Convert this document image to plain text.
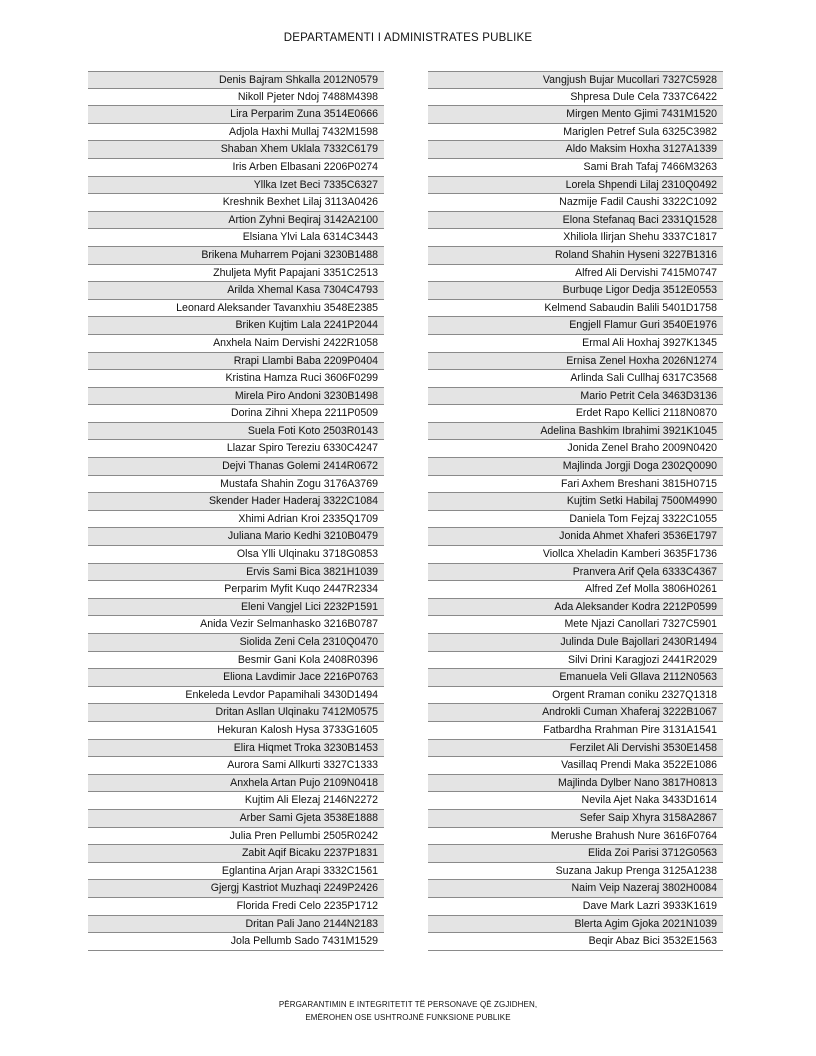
DEPARTAMENTI I ADMINISTRATES PUBLIKE
Denis Bajram Shkalla 2012N0579
Nikoll Pjeter Ndoj 7488M4398
Lira Perparim Zuna 3514E0666
Adjola Haxhi Mullaj 7432M1598
Shaban Xhem Uklala 7332C6179
Iris Arben Elbasani 2206P0274
Yllka Izet Beci 7335C6327
Kreshnik Bexhet Lilaj 3113A0426
Artion Zyhni Beqiraj 3142A2100
Elsiana Ylvi Lala 6314C3443
Brikena Muharrem Pojani 3230B1488
Zhuljeta Myfit Papajani 3351C2513
Arilda Xhemal Kasa 7304C4793
Leonard Aleksander Tavanxhiu 3548E2385
Briken Kujtim Lala 2241P2044
Anxhela Naim Dervishi 2422R1058
Rrapi Llambi Baba 2209P0404
Kristina Hamza Ruci 3606F0299
Mirela Piro Andoni 3230B1498
Dorina Zihni Xhepa 2211P0509
Suela Foti Koto 2503R0143
Llazar Spiro Tereziu 6330C4247
Dejvi Thanas Golemi 2414R0672
Mustafa Shahin Zogu 3176A3769
Skender Hader Haderaj 3322C1084
Xhimi Adrian Kroi 2335Q1709
Juliana Mario Kedhi 3210B0479
Olsa Ylli Ulqinaku 3718G0853
Ervis Sami Bica 3821H1039
Perparim Myfit Kuqo 2447R2334
Eleni Vangjel Lici 2232P1591
Anida Vezir Selmanhasko 3216B0787
Siolida Zeni Cela 2310Q0470
Besmir Gani Kola 2408R0396
Eliona Lavdimir Jace 2216P0763
Enkeleda Levdor Papamihali 3430D1494
Dritan Asllan Ulqinaku 7412M0575
Hekuran Kalosh Hysa 3733G1605
Elira Hiqmet Troka 3230B1453
Aurora Sami Allkurti 3327C1333
Anxhela Artan Pujo 2109N0418
Kujtim Ali Elezaj 2146N2272
Arber Sami Gjeta 3538E1888
Julia Pren Pellumbi 2505R0242
Zabit Aqif Bicaku 2237P1831
Eglantina Arjan Arapi 3332C1561
Gjergj Kastriot Muzhaqi 2249P2426
Florida Fredi Celo 2235P1712
Dritan Pali Jano 2144N2183
Jola Pellumb Sado 7431M1529
Vangjush Bujar Mucollari 7327C5928
Shpresa Dule Cela 7337C6422
Mirgen Mento Gjimi 7431M1520
Mariglen Petref Sula 6325C3982
Aldo Maksim Hoxha 3127A1339
Sami Brah Tafaj 7466M3263
Lorela Shpendi Lilaj 2310Q0492
Nazmije Fadil Caushi 3322C1092
Elona Stefanaq Baci 2331Q1528
Xhiliola Ilirjan Shehu 3337C1817
Roland Shahin Hyseni 3227B1316
Alfred Ali Dervishi 7415M0747
Burbuqe Ligor Dedja 3512E0553
Kelmend Sabaudin Balili 5401D1758
Engjell Flamur Guri 3540E1976
Ermal Ali Hoxhaj 3927K1345
Ernisa Zenel Hoxha 2026N1274
Arlinda Sali Cullhaj 6317C3568
Mario Petrit Cela 3463D3136
Erdet Rapo Kellici 2118N0870
Adelina Bashkim Ibrahimi 3921K1045
Jonida Zenel Braho 2009N0420
Majlinda Jorgji Doga 2302Q0090
Fari Axhem Breshani 3815H0715
Kujtim Setki Habilaj 7500M4990
Daniela Tom Fejzaj 3322C1055
Jonida Ahmet Xhaferi 3536E1797
Viollca Xheladin Kamberi 3635F1736
Pranvera Arif Qela 6333C4367
Alfred Zef Molla 3806H0261
Ada Aleksander Kodra 2212P0599
Mete Njazi Canollari 7327C5901
Julinda Dule Bajollari 2430R1494
Silvi Drini Karagjozi 2441R2029
Emanuela Veli Gllava 2112N0563
Orgent Rraman coniku 2327Q1318
Androkli Cuman Xhaferaj 3222B1067
Fatbardha Rrahman Pire 3131A1541
Ferzilet Ali Dervishi 3530E1458
Vasillaq Prendi Maka 3522E1086
Majlinda Dylber Nano 3817H0813
Nevila Ajet Naka 3433D1614
Sefer Saip Xhyra 3158A2867
Merushe Brahush Nure 3616F0764
Elida Zoi Parisi 3712G0563
Suzana Jakup Prenga 3125A1238
Naim Veip Nazeraj 3802H0084
Dave Mark Lazri 3933K1619
Blerta Agim Gjoka 2021N1039
Beqir Abaz Bici 3532E1563
PËRGARANTIMIN E INTEGRITETIT TË PERSONAVE QË ZGJIDHEN,
EMËROHEN OSE USHTROJNË FUNKSIONE PUBLIKE
